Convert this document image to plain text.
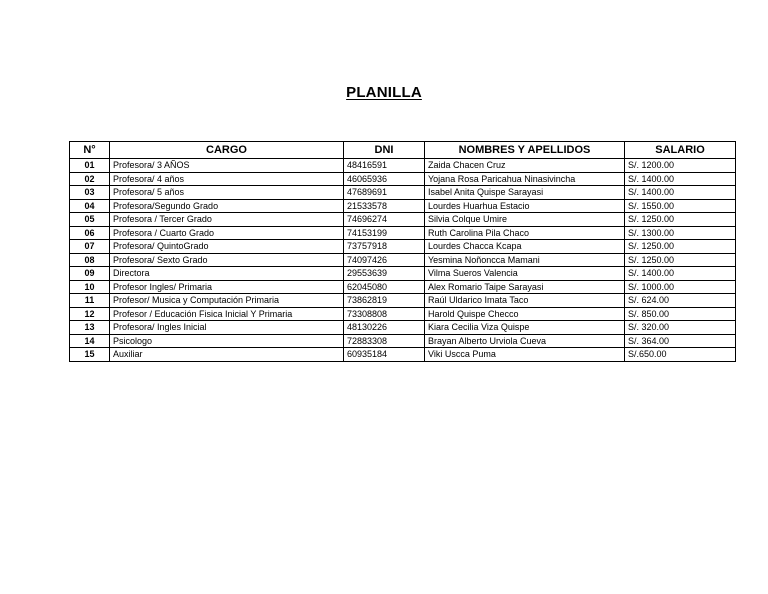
PLANILLA
N°	CARGO	DNI	NOMBRES Y APELLIDOS	SALARIO
01	Profesora/ 3 AÑOS	48416591	Zaida Chacen Cruz	S/. 1200.00
02	Profesora/ 4 años	46065936	Yojana Rosa Paricahua Ninasivincha	S/. 1400.00
03	Profesora/ 5 años	47689691	Isabel Anita Quispe Sarayasi	S/. 1400.00
04	Profesora/Segundo Grado	21533578	Lourdes Huarhua Estacio	S/. 1550.00
05	Profesora / Tercer Grado	74696274	Silvia Colque Umire	S/. 1250.00
06	Profesora / Cuarto Grado	74153199	Ruth Carolina Pila Chaco	S/. 1300.00
07	Profesora/ QuintoGrado	73757918	Lourdes Chacca Kcapa	S/. 1250.00
08	Profesora/ Sexto Grado	74097426	Yesmina Noñoncca Mamani	S/. 1250.00
09	Directora	29553639	Vilma Sueros Valencia	S/. 1400.00
10	Profesor Ingles/ Primaria	62045080	Alex Romario Taipe Sarayasi	S/. 1000.00
11	Profesor/ Musica y Computación Primaria	73862819	Raúl Uldarico Imata Taco	S/. 624.00
12	Profesor / Educación Fisica Inicial Y Primaria	73308808	Harold Quispe Checco	S/. 850.00
13	Profesora/ Ingles Inicial	48130226	Kiara Cecilia Viza Quispe	S/. 320.00
14	Psicologo	72883308	Brayan Alberto Urviola Cueva	S/. 364.00
15	Auxiliar	60935184	Viki Uscca Puma	S/.650.00
